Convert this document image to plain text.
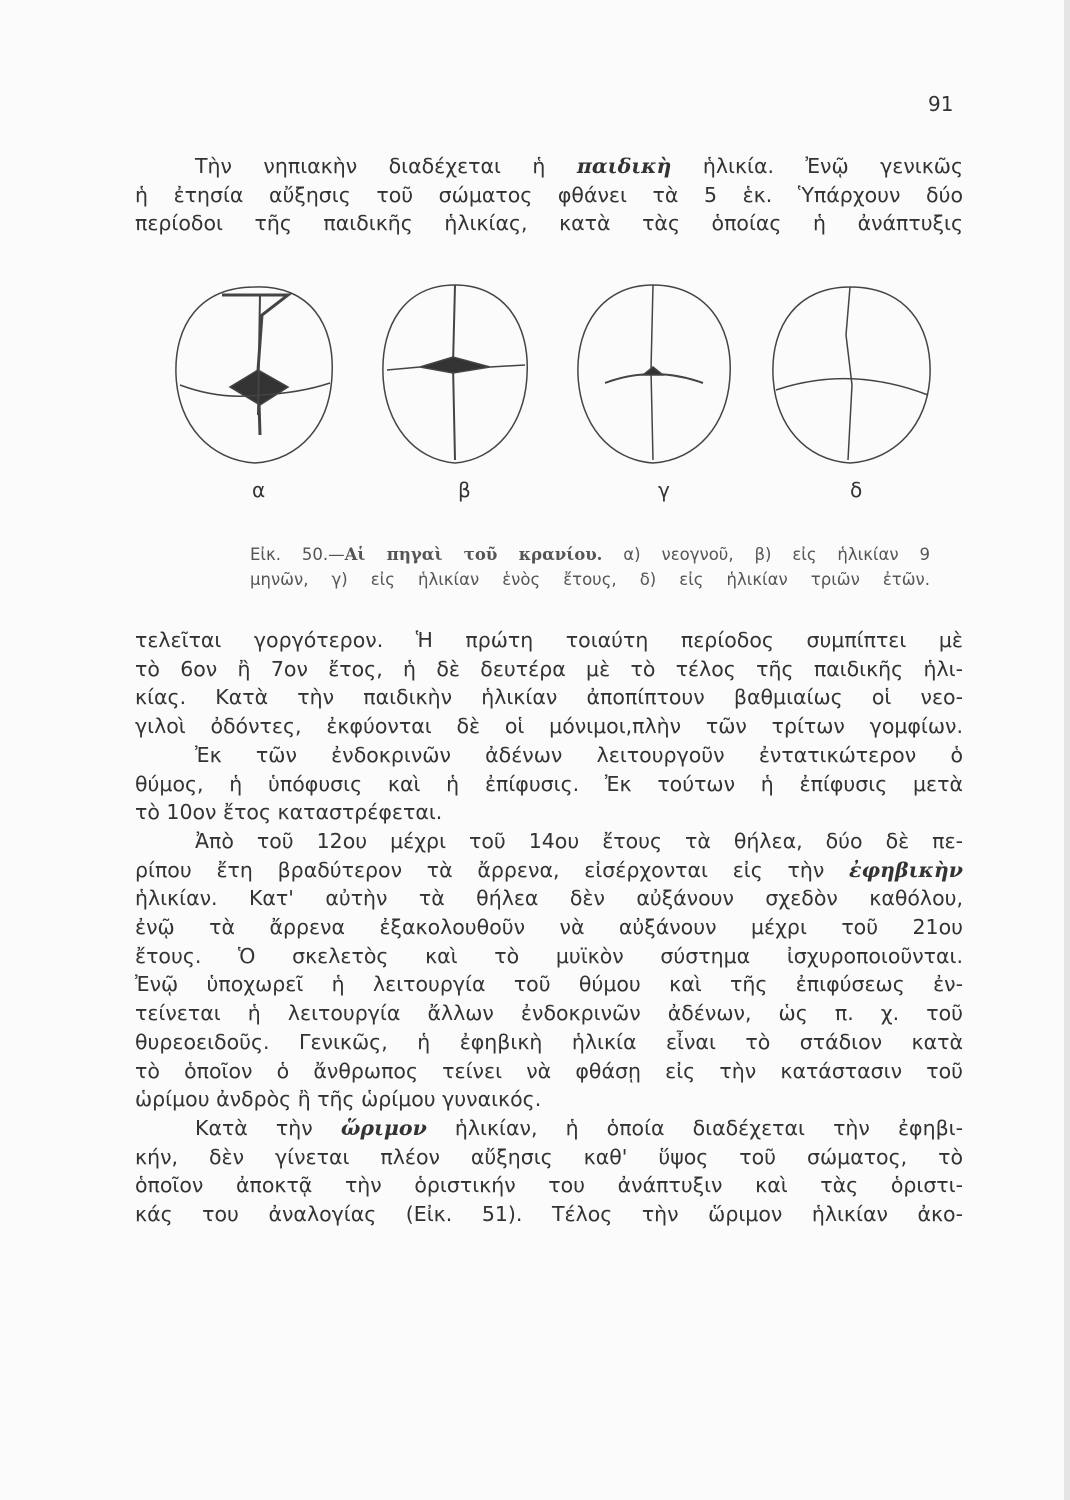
91
Τὴν νηπιακὴν διαδέχεται ἡ παιδικὴ ἡλικία. Ἐνῷ γενικῶς
ἡ ἐτησία αὔξησις τοῦ σώματος φθάνει τὰ 5 ἑκ. Ὑπάρχουν δύο
περίοδοι τῆς παιδικῆς ἡλικίας, κατὰ τὰς ὁποίας ἡ ἀνάπτυξις
α	β	γ	δ
Εἰκ. 50.—Αἱ πηγαὶ τοῦ κρανίου. α) νεογνοῦ, β) εἰς ἡλικίαν 9
μηνῶν, γ) εἰς ἡλικίαν ἑνὸς ἔτους, δ) εἰς ἡλικίαν τριῶν ἐτῶν.
τελεῖται γοργότερον. Ἡ πρώτη τοιαύτη περίοδος συμπίπτει μὲ
τὸ 6ον ἢ 7ον ἔτος, ἡ δὲ δευτέρα μὲ τὸ τέλος τῆς παιδικῆς ἡλι-
κίας. Κατὰ τὴν παιδικὴν ἡλικίαν ἀποπίπτουν βαθμιαίως οἱ νεο-
γιλοὶ ὀδόντες, ἐκφύονται δὲ οἱ μόνιμοι,πλὴν τῶν τρίτων γομφίων.
Ἐκ τῶν ἐνδοκρινῶν ἀδένων λειτουργοῦν ἐντατικώτερον ὁ
θύμος, ἡ ὑπόφυσις καὶ ἡ ἐπίφυσις. Ἐκ τούτων ἡ ἐπίφυσις μετὰ
τὸ 10ον ἔτος καταστρέφεται.
Ἀπὸ τοῦ 12ου μέχρι τοῦ 14ου ἔτους τὰ θήλεα, δύο δὲ πε-
ρίπου ἔτη βραδύτερον τὰ ἄρρενα, εἰσέρχονται εἰς τὴν ἐφηβικὴν
ἡλικίαν. Κατ' αὐτὴν τὰ θήλεα δὲν αὐξάνουν σχεδὸν καθόλου,
ἐνῷ τὰ ἄρρενα ἐξακολουθοῦν νὰ αὐξάνουν μέχρι τοῦ 21ου
ἔτους. Ὁ σκελετὸς καὶ τὸ μυϊκὸν σύστημα ἰσχυροποιοῦνται.
Ἐνῷ ὑποχωρεῖ ἡ λειτουργία τοῦ θύμου καὶ τῆς ἐπιφύσεως ἐν-
τείνεται ἡ λειτουργία ἄλλων ἐνδοκρινῶν ἀδένων, ὡς π. χ. τοῦ
θυρεοειδοῦς. Γενικῶς, ἡ ἐφηβικὴ ἡλικία εἶναι τὸ στάδιον κατὰ
τὸ ὁποῖον ὁ ἄνθρωπος τείνει νὰ φθάσῃ εἰς τὴν κατάστασιν τοῦ
ὡρίμου ἀνδρὸς ἢ τῆς ὡρίμου γυναικός.
Κατὰ τὴν ὥριμον ἡλικίαν, ἡ ὁποία διαδέχεται τὴν ἐφηβι-
κήν, δὲν γίνεται πλέον αὔξησις καθ' ὕψος τοῦ σώματος, τὸ
ὁποῖον ἀποκτᾷ τὴν ὁριστικήν του ἀνάπτυξιν καὶ τὰς ὁριστι-
κάς του ἀναλογίας (Εἰκ. 51). Τέλος τὴν ὥριμον ἡλικίαν ἀκο-
